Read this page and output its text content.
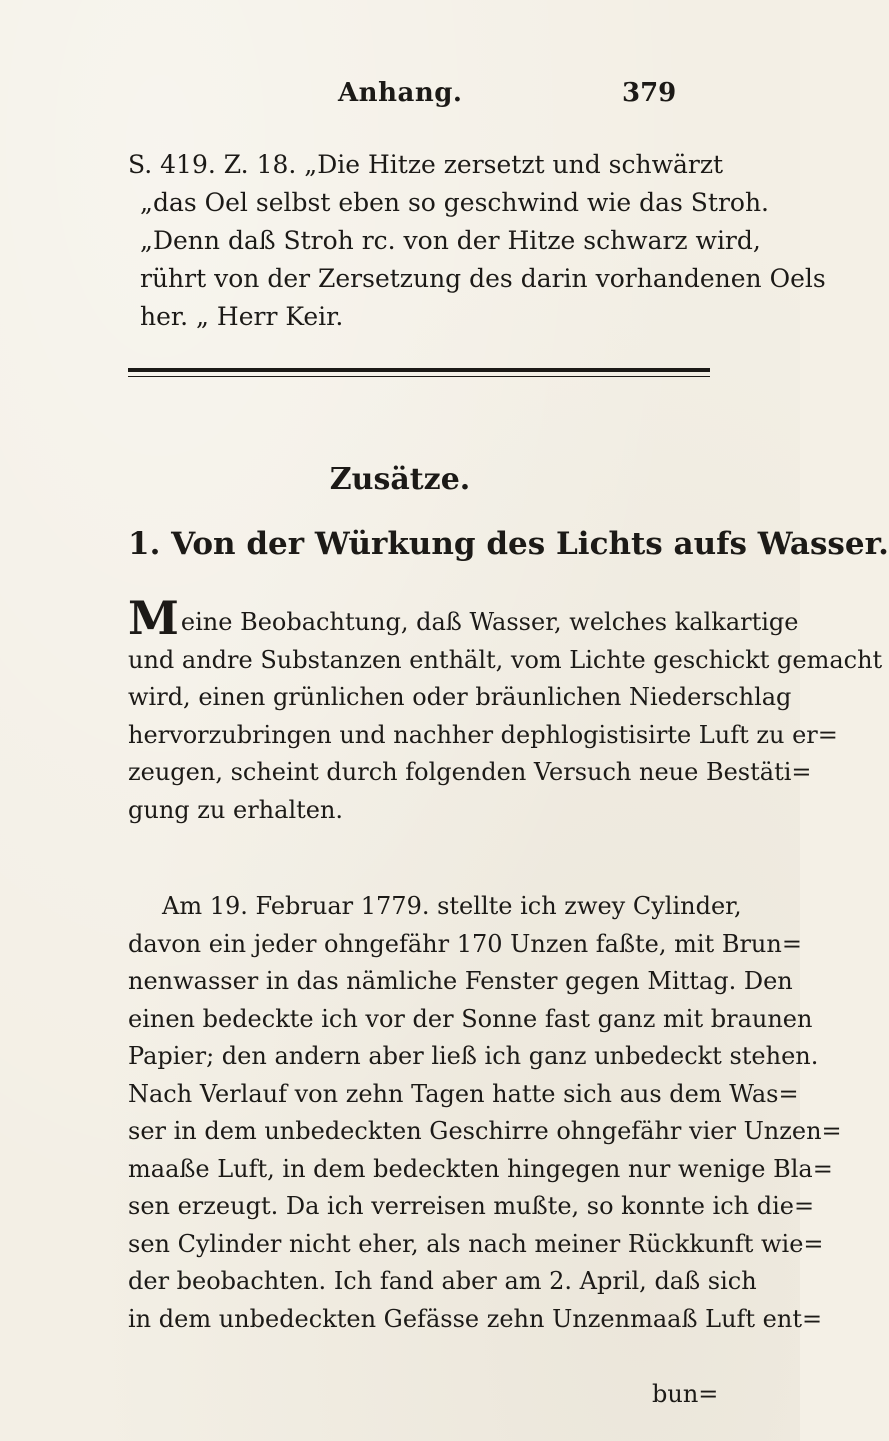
Anhang.	379
S. 419. Z. 18. „Die Hitze zersetzt und schwärzt
„das Oel selbst eben so geschwind wie das Stroh.
„Denn daß Stroh rc. von der Hitze schwarz wird,
rührt von der Zersetzung des darin vorhandenen Oels
her. „ Herr Keir.
Zusätze.
1. Von der Würkung des Lichts aufs Wasser.
Meine Beobachtung, daß Wasser, welches kalkartige
und andre Substanzen enthält, vom Lichte geschickt gemacht
wird, einen grünlichen oder bräunlichen Niederschlag
hervorzubringen und nachher dephlogistisirte Luft zu er=
zeugen, scheint durch folgenden Versuch neue Bestäti=
gung zu erhalten.
Am 19. Februar 1779. stellte ich zwey Cylinder,
davon ein jeder ohngefähr 170 Unzen faßte, mit Brun=
nenwasser in das nämliche Fenster gegen Mittag. Den
einen bedeckte ich vor der Sonne fast ganz mit braunen
Papier; den andern aber ließ ich ganz unbedeckt stehen.
Nach Verlauf von zehn Tagen hatte sich aus dem Was=
ser in dem unbedeckten Geschirre ohngefähr vier Unzen=
maaße Luft, in dem bedeckten hingegen nur wenige Bla=
sen erzeugt. Da ich verreisen mußte, so konnte ich die=
sen Cylinder nicht eher, als nach meiner Rückkunft wie=
der beobachten. Ich fand aber am 2. April, daß sich
in dem unbedeckten Gefässe zehn Unzenmaaß Luft ent=
bun=
